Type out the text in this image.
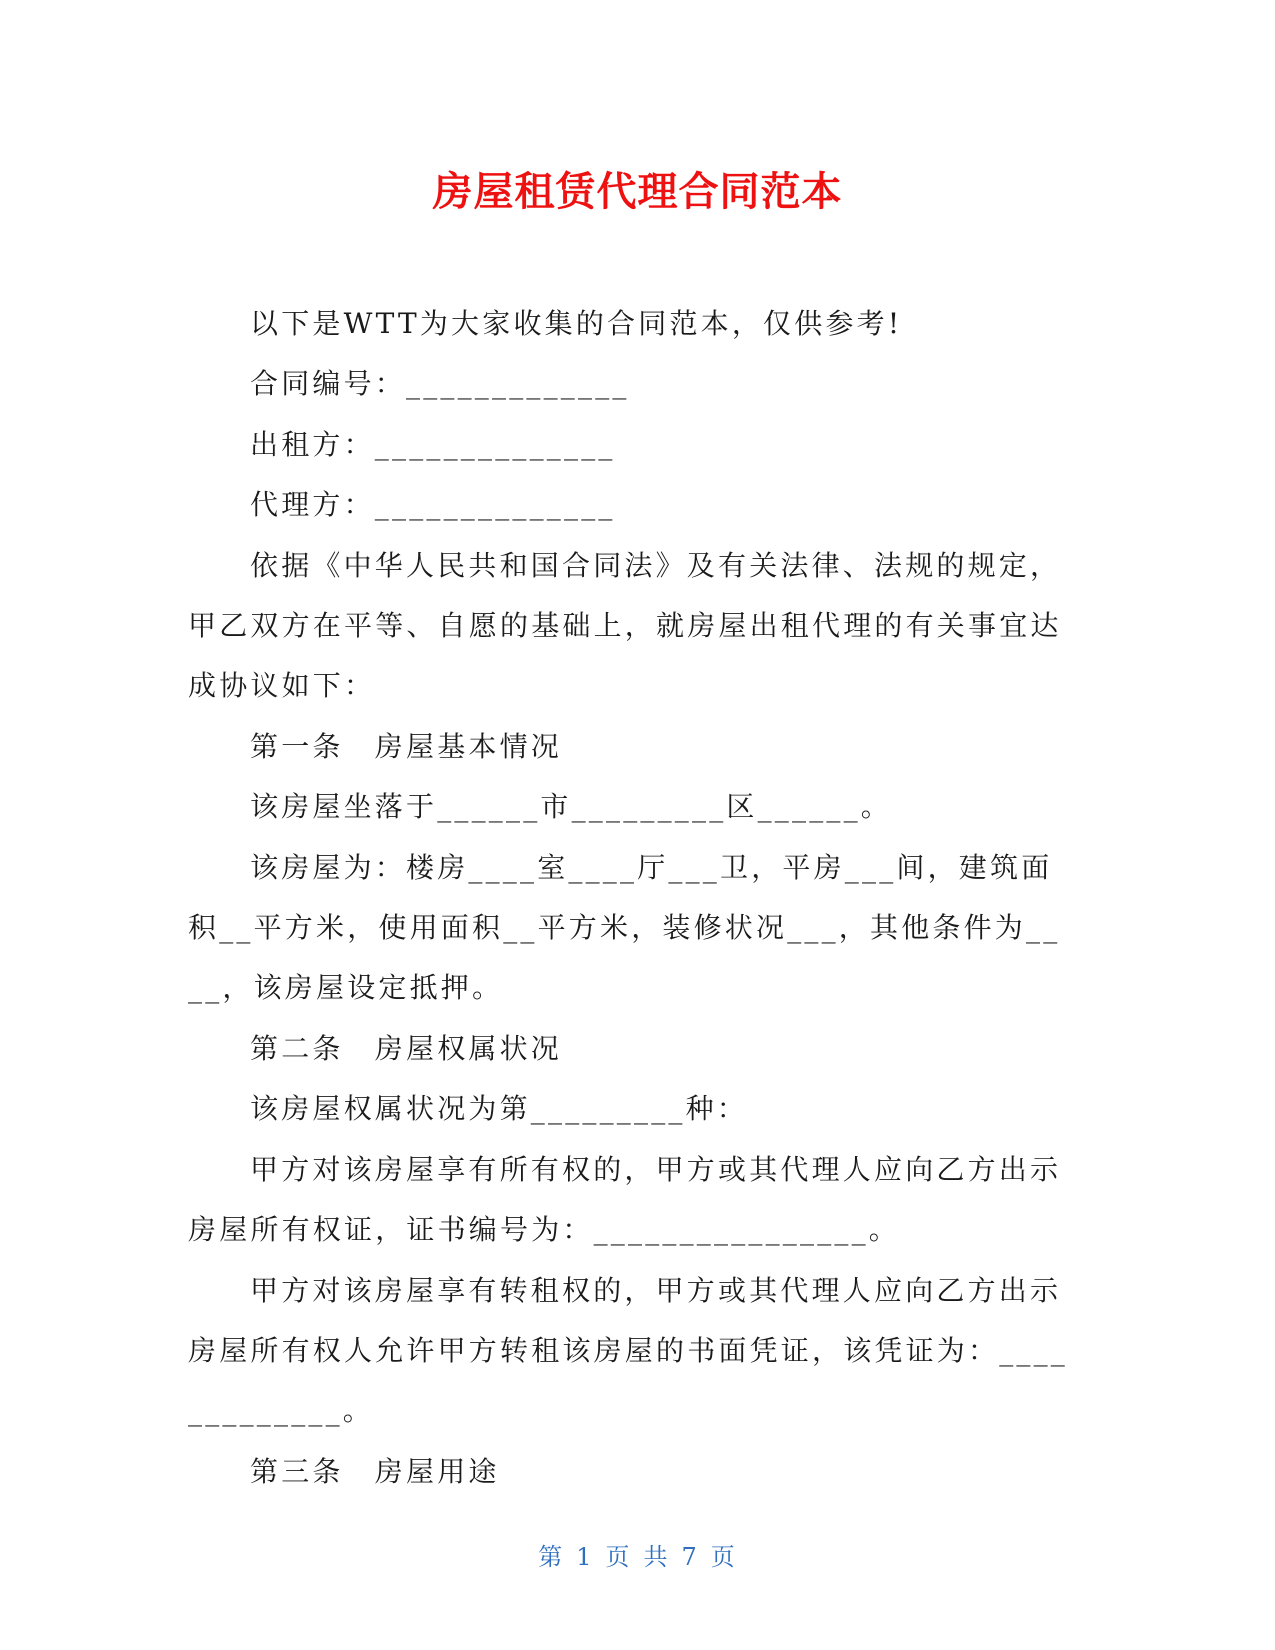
房屋租赁代理合同范本

以下是WTT为大家收集的合同范本，仅供参考!

合同编号：_____________

出租方：______________

代理方：______________

依据《中华人民共和国合同法》及有关法律、法规的规定，甲乙双方在平等、自愿的基础上，就房屋出租代理的有关事宜达成协议如下：

第一条　房屋基本情况

该房屋坐落于______市_________区______。

该房屋为：楼房____室____厅___卫，平房___间，建筑面积__平方米，使用面积__平方米，装修状况___，其他条件为____，该房屋设定抵押。

第二条　房屋权属状况

该房屋权属状况为第_________种：

甲方对该房屋享有所有权的，甲方或其代理人应向乙方出示房屋所有权证，证书编号为：________________。

甲方对该房屋享有转租权的，甲方或其代理人应向乙方出示房屋所有权人允许甲方转租该房屋的书面凭证，该凭证为：_____________。

第三条　房屋用途

第 1 页 共 7 页
